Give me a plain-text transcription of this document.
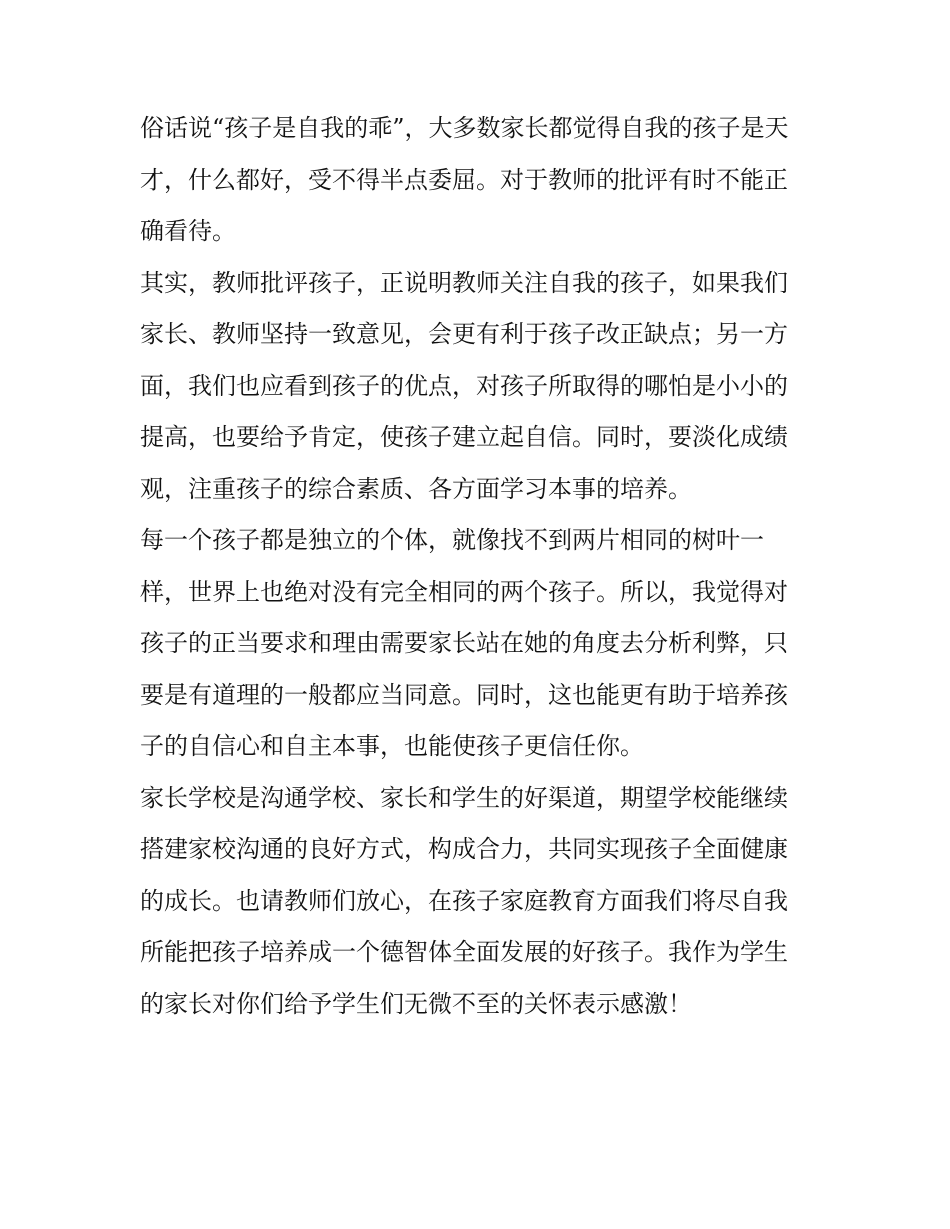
俗话说“孩子是自我的乖”，大多数家长都觉得自我的孩子是天
才，什么都好，受不得半点委屈。对于教师的批评有时不能正
确看待。
其实，教师批评孩子，正说明教师关注自我的孩子，如果我们
家长、教师坚持一致意见，会更有利于孩子改正缺点；另一方
面，我们也应看到孩子的优点，对孩子所取得的哪怕是小小的
提高，也要给予肯定，使孩子建立起自信。同时，要淡化成绩
观，注重孩子的综合素质、各方面学习本事的培养。
每一个孩子都是独立的个体，就像找不到两片相同的树叶一
样，世界上也绝对没有完全相同的两个孩子。所以，我觉得对
孩子的正当要求和理由需要家长站在她的角度去分析利弊，只
要是有道理的一般都应当同意。同时，这也能更有助于培养孩
子的自信心和自主本事，也能使孩子更信任你。
家长学校是沟通学校、家长和学生的好渠道，期望学校能继续
搭建家校沟通的良好方式，构成合力，共同实现孩子全面健康
的成长。也请教师们放心，在孩子家庭教育方面我们将尽自我
所能把孩子培养成一个德智体全面发展的好孩子。我作为学生
的家长对你们给予学生们无微不至的关怀表示感激！
